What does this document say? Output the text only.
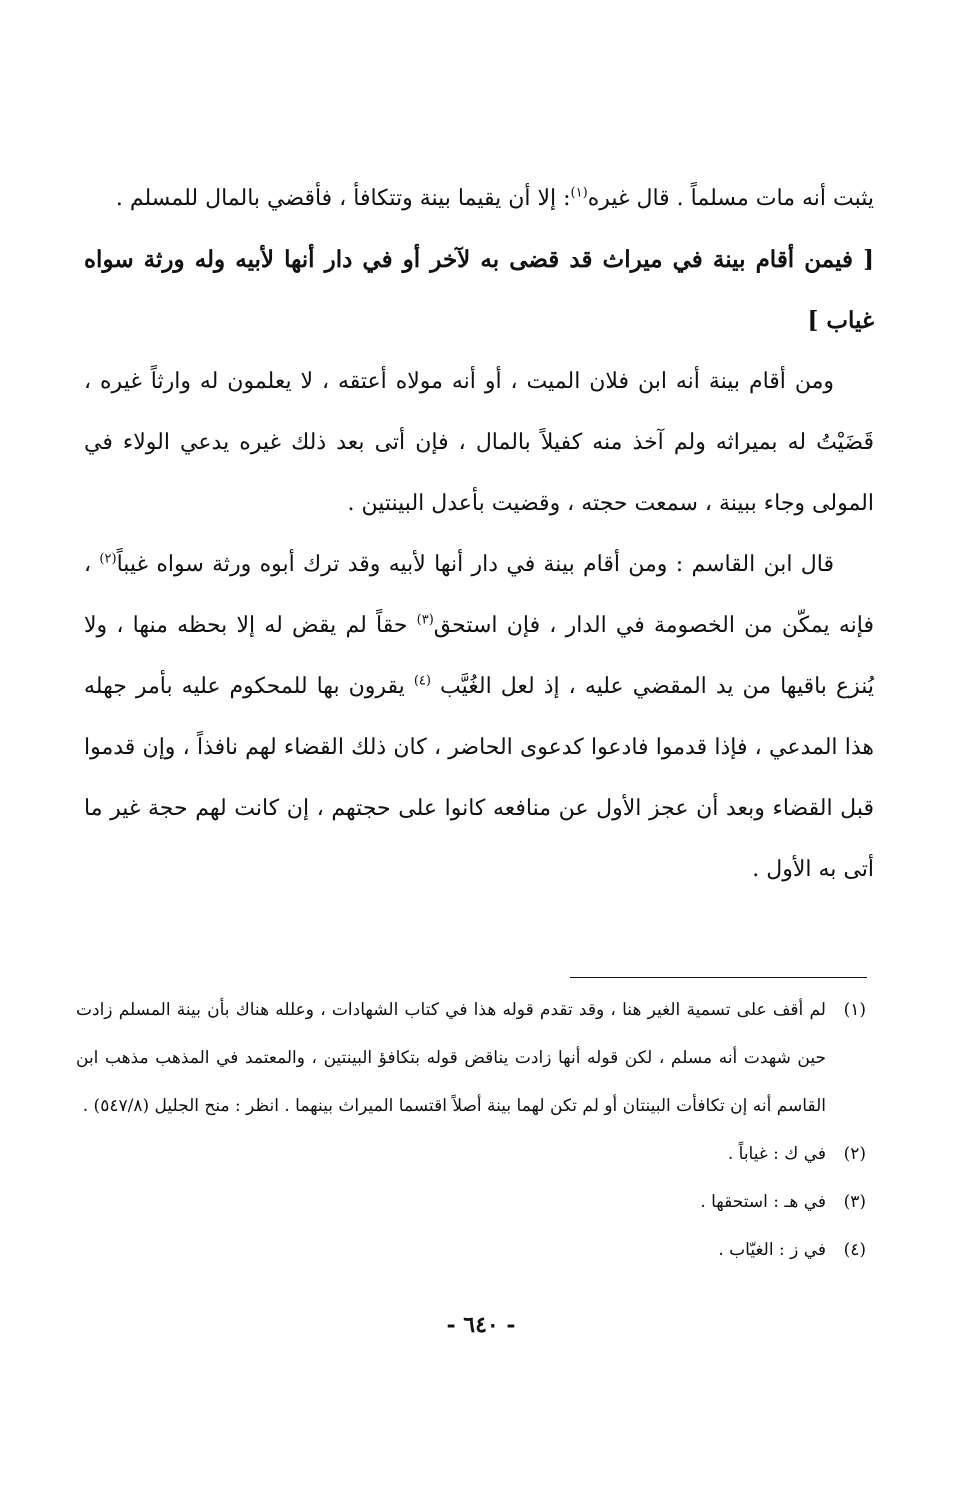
يثبت أنه مات مسلماً . قال غيره$^{(١)}$: إلا أن يقيما بينة وتتكافأ ، فأقضي بالمال للمسلم .

[ فيمن أقام بينة في ميراث قد قضى به لآخر أو في دار أنها لأبيه وله ورثة سواه غياب ]

ومن أقام بينة أنه ابن فلان الميت ، أو أنه مولاه أعتقه ، لا يعلمون له وارثاً غيره ، قَضَيْتُ له بميراثه ولم آخذ منه كفيلاً بالمال ، فإن أتى بعد ذلك غيره يدعي الولاء في المولى وجاء ببينة ، سمعت حجته ، وقضيت بأعدل البينتين .

قال ابن القاسم : ومن أقام بينة في دار أنها لأبيه وقد ترك أبوه ورثة سواه غيباً$^{(٢)}$ ، فإنه يمكّن من الخصومة في الدار ، فإن استحق$^{(٣)}$ حقاً لم يقض له إلا بحظه منها ، ولا يُنزع باقيها من يد المقضي عليه ، إذ لعل الغُيَّب $^{(٤)}$ يقرون بها للمحكوم عليه بأمر جهله هذا المدعي ، فإذا قدموا فادعوا كدعوى الحاضر ، كان ذلك القضاء لهم نافذاً ، وإن قدموا قبل القضاء وبعد أن عجز الأول عن منافعه كانوا على حجتهم ، إن كانت لهم حجة غير ما أتى به الأول .

(١)
لم أقف على تسمية الغير هنا ، وقد تقدم قوله هذا في كتاب الشهادات ، وعلله هناك بأن بينة المسلم زادت حين شهدت أنه مسلم ، لكن قوله أنها زادت يناقض قوله بتكافؤ البينتين ، والمعتمد في المذهب مذهب ابن القاسم أنه إن تكافأت البينتان أو لم تكن لهما بينة أصلاً اقتسما الميراث بينهما . انظر : منح الجليل (٥٤٧/٨) .
(٢)
في ك : غياباً .
(٣)
في هـ : استحقها .
(٤)
في ز : الغيّاب .
- ٦٤٠ -
